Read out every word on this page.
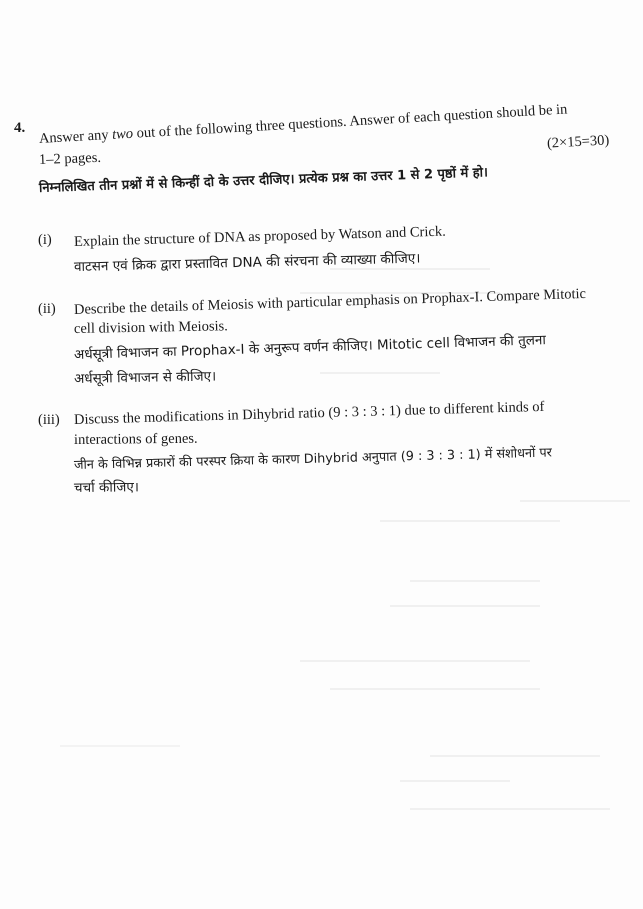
4. Answer any two out of the following three questions. Answer of each question should be in
1–2 pages.
(2×15=30)
निम्नलिखित तीन प्रश्नों में से किन्हीं दो के उत्तर दीजिए। प्रत्येक प्रश्न का उत्तर 1 से 2 पृष्ठों में हो।
(i) Explain the structure of DNA as proposed by Watson and Crick.
वाटसन एवं क्रिक द्वारा प्रस्तावित DNA की संरचना की व्याख्या कीजिए।
(ii) Describe the details of Meiosis with particular emphasis on Prophax-I. Compare Mitotic
cell division with Meiosis.
अर्धसूत्री विभाजन का Prophax-I के अनुरूप वर्णन कीजिए। Mitotic cell विभाजन की तुलना
अर्धसूत्री विभाजन से कीजिए।
(iii) Discuss the modifications in Dihybrid ratio (9 : 3 : 3 : 1) due to different kinds of
interactions of genes.
जीन के विभिन्न प्रकारों की परस्पर क्रिया के कारण Dihybrid अनुपात (9 : 3 : 3 : 1) में संशोधनों पर
चर्चा कीजिए।
